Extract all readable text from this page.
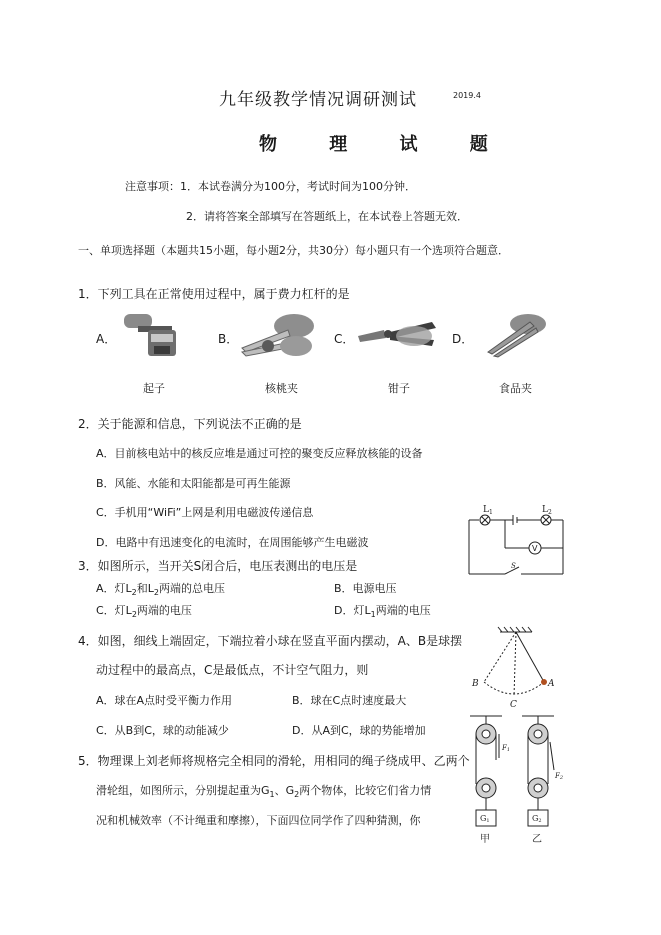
九年级教学情况调研测试	2019.4
物 理 试 题
注意事项：1．本试卷满分为100分，考试时间为100分钟．
2．请将答案全部填写在答题纸上，在本试卷上答题无效．
一、单项选择题（本题共15小题，每小题2分，共30分）每小题只有一个选项符合题意．
1．下列工具在正常使用过程中，属于费力杠杆的是
A．	B．	C．	D．
起子	核桃夹	钳子	食品夹
2．关于能源和信息，下列说法不正确的是
A．目前核电站中的核反应堆是通过可控的聚变反应释放核能的设备
B．风能、水能和太阳能都是可再生能源
C．手机用“WiFi”上网是利用电磁波传递信息
D．电路中有迅速变化的电流时，在周围能够产生电磁波
$L_1$	$L_2$
V
S
3．如图所示，当开关S闭合后，电压表测出的电压是
A．灯$L_2$和$L_2$两端的总电压	B．电源电压
C．灯$L_2$两端的电压	D．灯$L_1$两端的电压
A
B
C
4．如图，细线上端固定，下端拉着小球在竖直平面内摆动，A、B是球摆
动过程中的最高点，C是最低点，不计空气阻力，则
A．球在A点时受平衡力作用	B．球在C点时速度最大
C．从B到C，球的动能减少	D．从A到C，球的势能增加
F1
F2
G1	G2
甲	乙
5．物理课上刘老师将规格完全相同的滑轮，用相同的绳子绕成甲、乙两个
滑轮组，如图所示，分别提起重为$G_1$、$G_2$两个物体，比较它们省力情
况和机械效率（不计绳重和摩擦），下面四位同学作了四种猜测，你
